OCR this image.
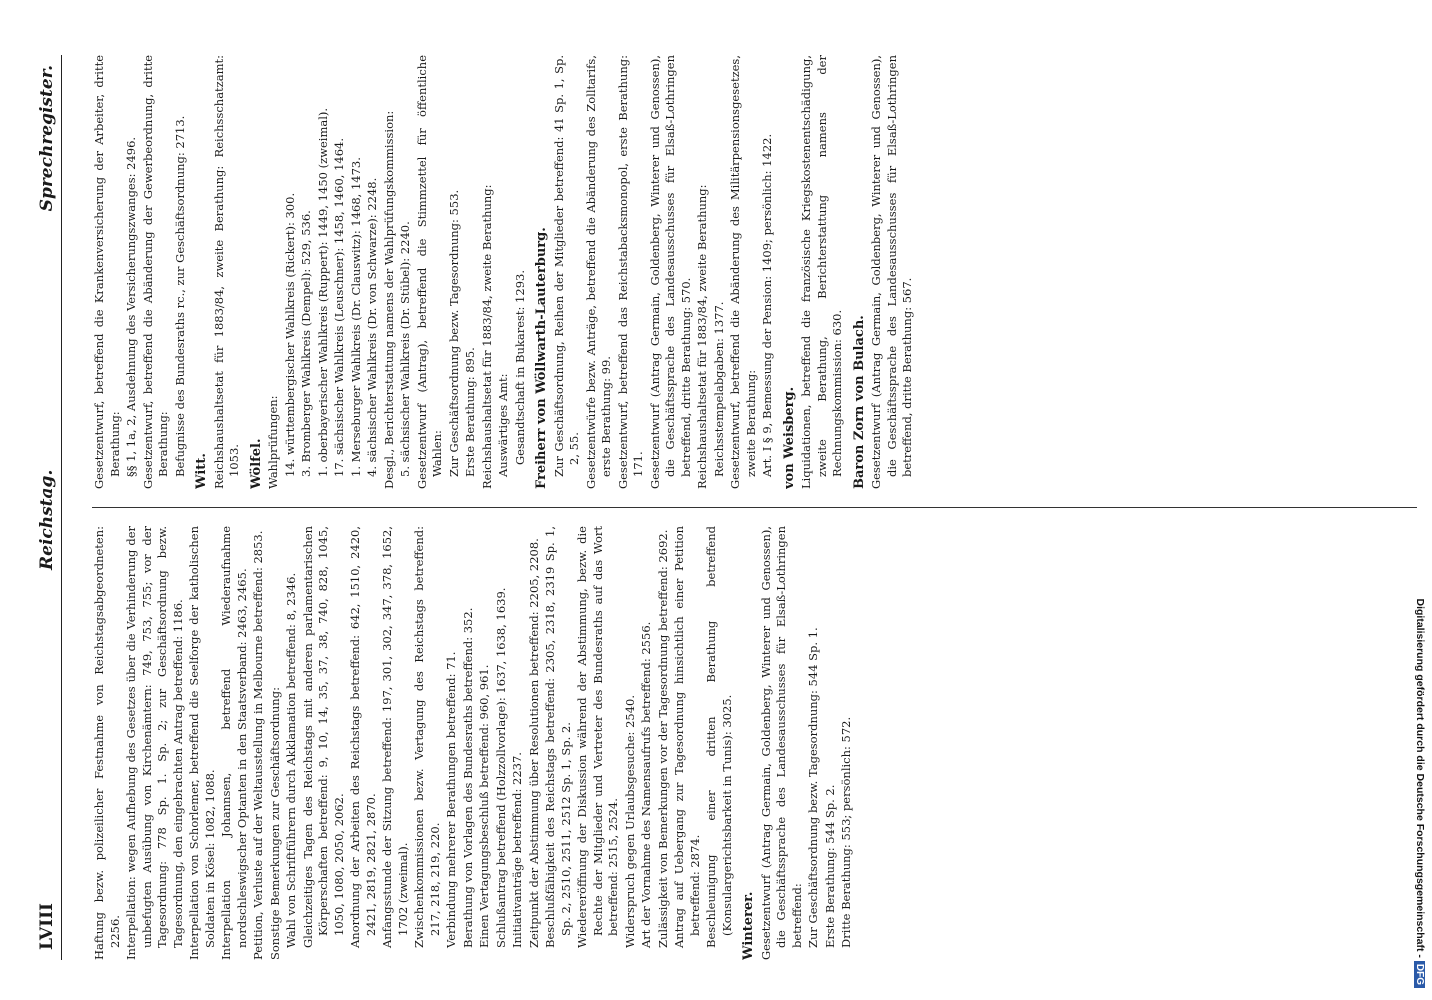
LVIII
Reichstag.
Sprechregister.
Haftung bezw. polizeilicher Festnahme von Reichstagsabgeordneten: 2256. Interpellation: wegen Aufhebung des Gesetzes über die Verhinderung der unbefugten Ausübung von Kirchenämtern: 749, 753, 755; vor der Tagesordnung: 778 Sp. 1. Sp. 2; zur Geschäftsordnung bezw. Tagesordnung, den eingebrachten Antrag betreffend: 1186. Interpellation von Schorlemer, betreffend die Seelforge der katholischen Soldaten in Kösel: 1082, 1088. Interpellation Johannsen, betreffend Wiederaufnahme nordschleswigscher Optanten in den Staatsverband: 2463, 2465. Petition, Verluste auf der Weltausstellung in Melbourne betreffend: 2853. Sonstige Bemerkungen zur Geschäftsordnung: Wahl von Schriftführern durch Akklamation betreffend: 8, 2346. Gleichzeitiges Tagen des Reichstags mit anderen parlamentarischen Körperschaften betreffend: 9, 10, 14, 35, 37, 38, 740, 828, 1045, 1050, 1080, 2050, 2062. Anordnung der Arbeiten des Reichstags betreffend: 642, 1510, 2420, 2421, 2819, 2821, 2870. Anfangsstunde der Sitzung betreffend: 197, 301, 302, 347, 378, 1652, 1702 (zweimal). Zwischenkommissionen bezw. Vertagung des Reichstags betreffend: 217, 218, 219, 220. Verbindung mehrerer Berathungen betreffend: 71. Berathung von Vorlagen des Bundesraths betreffend: 352. Einen Vertagungsbeschluß betreffend: 960, 961. Schlußantrag betreffend (Holzzollvorlage): 1637, 1638, 1639. Initiativanträge betreffend: 2237. Zeitpunkt der Abstimmung über Resolutionen betreffend: 2205, 2208. Beschlußfähigkeit des Reichstags betreffend: 2305, 2318, 2319 Sp. 1, Sp. 2, 2510, 2511, 2512 Sp. 1, Sp. 2. Wiedereröffnung der Diskussion während der Abstimmung, bezw. die Rechte der Mitglieder und Vertreter des Bundesraths auf das Wort betreffend: 2515, 2524. Widerspruch gegen Urlaubsgesuche: 2540. Art der Vornahme des Namensaufrufs betreffend: 2556. Zulässigkeit von Bemerkungen vor der Tagesordnung betreffend: 2692. Antrag auf Uebergang zur Tagesordnung hinsichtlich einer Petition betreffend: 2874. Beschleunigung einer dritten Berathung betreffend (Konsulargerichtsbarkeit in Tunis): 3025. Winterer. Gesetzentwurf (Antrag Germain, Goldenberg, Winterer und Genossen), die Geschäftssprache des Landesausschusses für Elsaß-Lothringen betreffend: Zur Geschäftsordnung bezw. Tagesordnung: 544 Sp. 1. Erste Berathung: 544 Sp. 2. Dritte Berathung: 553; persönlich: 572.
Gesetzentwurf, betreffend die Krankenversicherung der Arbeiter, dritte Berathung: §§ 1, 1a, 2, Ausdehnung des Versicherungszwanges: 2496. Gesetzentwurf, betreffend die Abänderung der Gewerbeordnung, dritte Berathung: Befugnisse des Bundesraths rc., zur Geschäftsordnung: 2713. Witt. Reichshaushaltsetat für 1883/84, zweite Berathung: Reichsschatzamt: 1053. Wölfel. Wahlprüfungen: 14. württembergischer Wahlkreis (Rickert): 300. 3. Bromberger Wahlkreis (Dempel): 529, 536. 1. oberbayerischer Wahlkreis (Ruppert): 1449, 1450 (zweimal). 17. sächsischer Wahlkreis (Leuschner): 1458, 1460, 1464. 1. Merseburger Wahlkreis (Dr. Clauswitz): 1468, 1473. 4. sächsischer Wahlkreis (Dr. von Schwarze): 2248. Desgl., Berichterstattung namens der Wahlprüfungskommission: 5. sächsischer Wahlkreis (Dr. Stübel): 2240. Gesetzentwurf (Antrag), betreffend die Stimmzettel für öffentliche Wahlen: Zur Geschäftsordnung bezw. Tagesordnung: 553. Erste Berathung: 895. Reichshaushaltsetat für 1883/84, zweite Berathung: Auswärtiges Amt: Gesandtschaft in Bukarest: 1293. Freiherr von Wöllwarth-Lauterburg. Zur Geschäftsordnung, Reihen der Mitglieder betreffend: 41 Sp. 1, Sp. 2, 55. Gesetzentwürfe bezw. Anträge, betreffend die Abänderung des Zolltarifs, erste Berathung: 99. Gesetzentwurf, betreffend das Reichstabacksmonopol, erste Berathung: 171. Gesetzentwurf (Antrag Germain, Goldenberg, Winterer und Genossen), die Geschäftssprache des Landesausschusses für Elsaß-Lothringen betreffend, dritte Berathung: 570. Reichshaushaltsetat für 1883/84, zweite Berathung: Reichsstempelabgaben: 1377. Gesetzentwurf, betreffend die Abänderung des Militärpensionsgesetzes, zweite Berathung: Art. I § 9, Bemessung der Pension: 1409; persönlich: 1422. von Weisberg. Liquidationen, betreffend die französische Kriegskostenentschädigung, zweite Berathung, Berichterstattung namens der Rechnungskommission: 630. Baron Zorn von Bulach. Gesetzentwurf (Antrag Germain, Goldenberg, Winterer und Genossen), die Geschäftssprache des Landesausschusses für Elsaß-Lothringen betreffend, dritte Berathung: 567.
Digitalisierung gefördert durch die Deutsche Forschungsgemeinschaft -DFG
